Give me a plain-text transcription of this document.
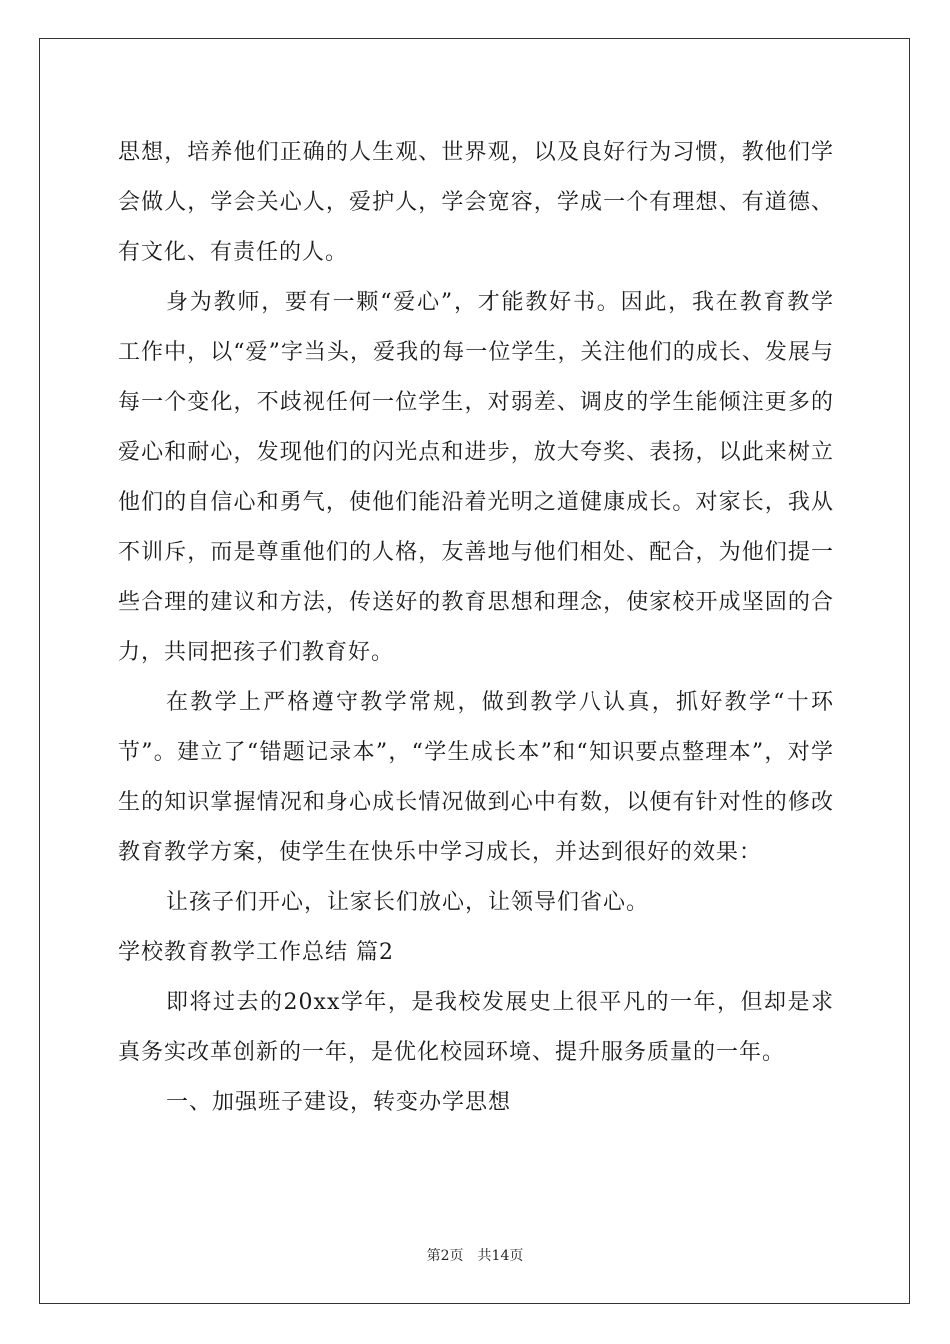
思想，培养他们正确的人生观、世界观，以及良好行为习惯，教他们学会做人，学会关心人，爱护人，学会宽容，学成一个有理想、有道德、有文化、有责任的人。

身为教师，要有一颗“爱心”，才能教好书。因此，我在教育教学工作中，以“爱”字当头，爱我的每一位学生，关注他们的成长、发展与每一个变化，不歧视任何一位学生，对弱差、调皮的学生能倾注更多的爱心和耐心，发现他们的闪光点和进步，放大夸奖、表扬，以此来树立他们的自信心和勇气，使他们能沿着光明之道健康成长。对家长，我从不训斥，而是尊重他们的人格，友善地与他们相处、配合，为他们提一些合理的建议和方法，传送好的教育思想和理念，使家校开成坚固的合力，共同把孩子们教育好。

在教学上严格遵守教学常规，做到教学八认真，抓好教学“十环节”。建立了“错题记录本”，“学生成长本”和“知识要点整理本”，对学生的知识掌握情况和身心成长情况做到心中有数，以便有针对性的修改教育教学方案，使学生在快乐中学习成长，并达到很好的效果：

让孩子们开心，让家长们放心，让领导们省心。

学校教育教学工作总结 篇2

即将过去的20xx学年，是我校发展史上很平凡的一年，但却是求真务实改革创新的一年，是优化校园环境、提升服务质量的一年。

一、加强班子建设，转变办学思想

第2页 共14页
